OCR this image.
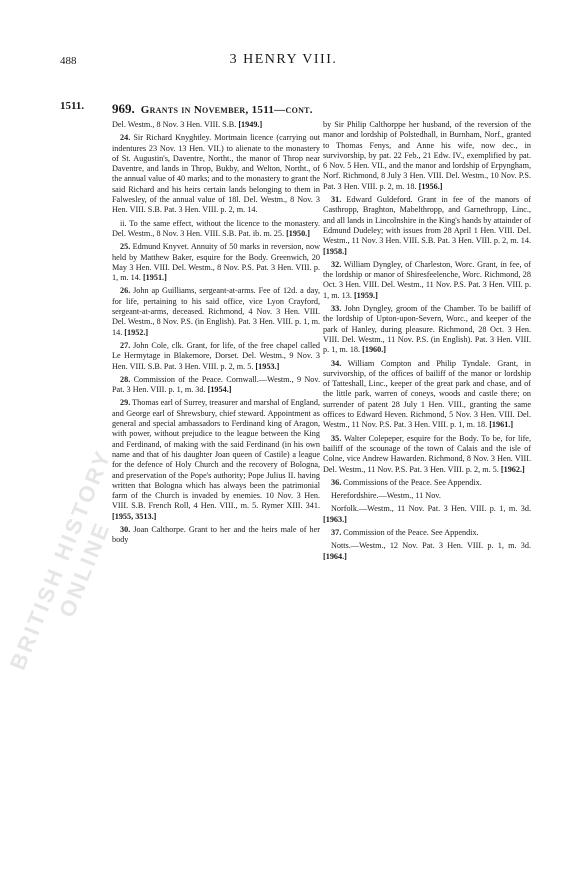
BRITISH HISTORY ONLINE
488	3 HENRY VIII.
1511. 969. Grants in November, 1511—cont.

Del. Westm., 8 Nov. 3 Hen. VIII. S.B. [1949.]

24. Sir Richard Knyghtley. Mortmain licence (carrying out indentures 23 Nov. 13 Hen. VII.) to alienate to the monastery of St. Augustin's, Daventre, Northt., the manor of Throp near Daventre, and lands in Throp, Bukby, and Welton, Northt., of the annual value of 40 marks; and to the monastery to grant the said Richard and his heirs certain lands belonging to them in Falwesley, of the annual value of 18l. Del. Westm., 8 Nov. 3 Hen. VIII. S.B. Pat. 3 Hen. VIII. p. 2, m. 14.

ii. To the same effect, without the licence to the monastery. Del. Westm., 8 Nov. 3 Hen. VIII. S.B. Pat. ib. m. 25. [1950.]

25. Edmund Knyvet. Annuity of 50 marks in reversion, now held by Matthew Baker, esquire for the Body. Greenwich, 20 May 3 Hen. VIII. Del. Westm., 8 Nov. P.S. Pat. 3 Hen. VIII. p. 1, m. 14. [1951.]

26. John ap Guilliams, sergeant-at-arms. Fee of 12d. a day, for life, pertaining to his said office, vice Lyon Crayford, sergeant-at-arms, deceased. Richmond, 4 Nov. 3 Hen. VIII. Del. Westm., 8 Nov. P.S. (in English). Pat. 3 Hen. VIII. p. 1, m. 14. [1952.]

27. John Cole, clk. Grant, for life, of the free chapel called Le Hermytage in Blakemore, Dorset. Del. Westm., 9 Nov. 3 Hen. VIII. S.B. Pat. 3 Hen. VIII. p. 2, m. 5. [1953.]

28. Commission of the Peace. Cornwall.—Westm., 9 Nov. Pat. 3 Hen. VIII. p. 1, m. 3d. [1954.]

29. Thomas earl of Surrey, treasurer and marshal of England, and George earl of Shrewsbury, chief steward. Appointment as general and special ambassadors to Ferdinand king of Aragon, with power, without prejudice to the league between the King and Ferdinand, of making with the said Ferdinand (in his own name and that of his daughter Joan queen of Castile) a league for the defence of Holy Church and the recovery of Bologna, and preservation of the Pope's authority; Pope Julius II. having written that Bologna which has always been the patrimonial farm of the Church is invaded by enemies. 10 Nov. 3 Hen. VIII. S.B. French Roll, 4 Hen. VIII., m. 5. Rymer XIII. 341. [1955, 3513.]

30. Joan Calthorpe. Grant to her and the heirs male of her body

by Sir Philip Calthorppe her husband, of the reversion of the manor and lordship of Polstedhall, in Burnham, Norf., granted to Thomas Fenys, and Anne his wife, now dec., in survivorship, by pat. 22 Feb., 21 Edw. IV., exemplified by pat. 6 Nov. 5 Hen. VII., and the manor and lordship of Erpyngham, Norf. Richmond, 8 July 3 Hen. VIII. Del. Westm., 10 Nov. P.S. Pat. 3 Hen. VIII. p. 2, m. 18. [1956.]

31. Edward Guldeford. Grant in fee of the manors of Casthropp, Braghton, Mabelthropp, and Garnethropp, Linc., and all lands in Lincolnshire in the King's hands by attainder of Edmund Dudeley; with issues from 28 April 1 Hen. VIII. Del. Westm., 11 Nov. 3 Hen. VIII. S.B. Pat. 3 Hen. VIII. p. 2, m. 14. [1958.]

32. William Dyngley, of Charleston, Worc. Grant, in fee, of the lordship or manor of Shiresfeelenche, Worc. Richmond, 28 Oct. 3 Hen. VIII. Del. Westm., 11 Nov. P.S. Pat. 3 Hen. VIII. p. 1, m. 13. [1959.]

33. John Dyngley, groom of the Chamber. To be bailiff of the lordship of Upton-upon-Severn, Worc., and keeper of the park of Hanley, during pleasure. Richmond, 28 Oct. 3 Hen. VIII. Del. Westm., 11 Nov. P.S. (in English). Pat. 3 Hen. VIII. p. 1, m. 18. [1960.]

34. William Compton and Philip Tyndale. Grant, in survivorship, of the offices of bailiff of the manor or lordship of Tatteshall, Linc., keeper of the great park and chase, and of the little park, warren of coneys, woods and castle there; on surrender of patent 28 July 1 Hen. VIII., granting the same offices to Edward Heven. Richmond, 5 Nov. 3 Hen. VIII. Del. Westm., 11 Nov. P.S. Pat. 3 Hen. VIII. p. 1, m. 18. [1961.]

35. Walter Colepeper, esquire for the Body. To be, for life, bailiff of the scounage of the town of Calais and the isle of Colne, vice Andrew Hawarden. Richmond, 8 Nov. 3 Hen. VIII. Del. Westm., 11 Nov. P.S. Pat. 3 Hen. VIII. p. 2, m. 5. [1962.]

36. Commissions of the Peace. See Appendix.

Herefordshire.—Westm., 11 Nov.

Norfolk.—Westm., 11 Nov. Pat. 3 Hen. VIII. p. 1, m. 3d. [1963.]

37. Commission of the Peace. See Appendix.

Notts.—Westm., 12 Nov. Pat. 3 Hen. VIII. p. 1, m. 3d. [1964.]
